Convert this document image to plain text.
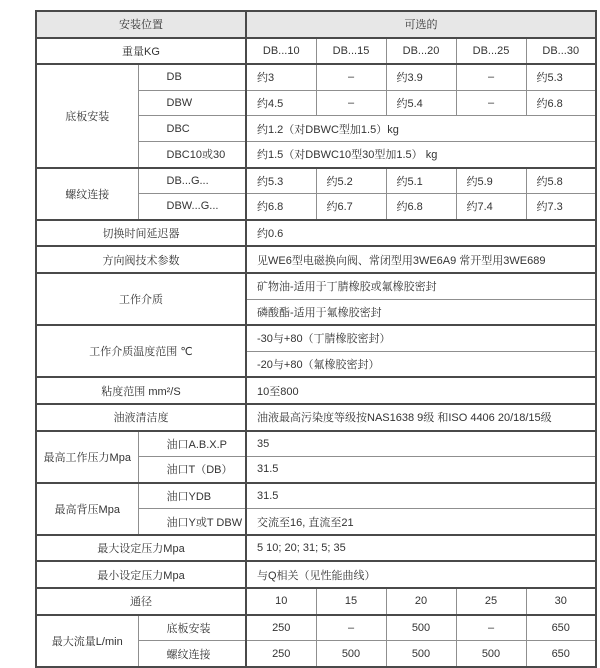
安装位置		可选的				
重量KG		DB...10	DB...15	DB...20	DB...25	DB...30
底板安装	DB	约3	–	约3.9	–	约5.3
	DBW	约4.5	–	约5.4	–	约6.8
	DBC	约1.2（对DBWC型加1.5）kg				
	DBC10或30	约1.5（对DBWC10型30型加1.5） kg				
螺纹连接	DB...G...	约5.3	约5.2	约5.1	约5.9	约5.8
	DBW...G...	约6.8	约6.7	约6.8	约7.4	约7.3
切换时间延迟器		约0.6				
方向阀技术参数		见WE6型电磁换向阀、常闭型用3WE6A9 常开型用3WE689				
工作介质		矿物油-适用于丁腈橡胶或氟橡胶密封				
		磷酸酯-适用于氟橡胶密封				
工作介质温度范围 ℃		-30与+80（丁腈橡胶密封）				
		-20与+80（氟橡胶密封）				
粘度范围 mm²/S		10至800				
油液清洁度		油液最高污染度等级按NAS1638 9级 和ISO 4406 20/18/15级				
最高工作压力Mpa	油口A.B.X.P	35				
	油口T（DB）	31.5				
最高背压Mpa	油口YDB	31.5				
	油口Y或T DBW	交流至16, 直流至21				
最大设定压力Mpa		5 10; 20; 31; 5; 35				
最小设定压力Mpa		与Q相关（见性能曲线）				
通径		10	15	20	25	30
最大流量L/min	底板安装	250	–	500	–	650
	螺纹连接	250	500	500	500	650
